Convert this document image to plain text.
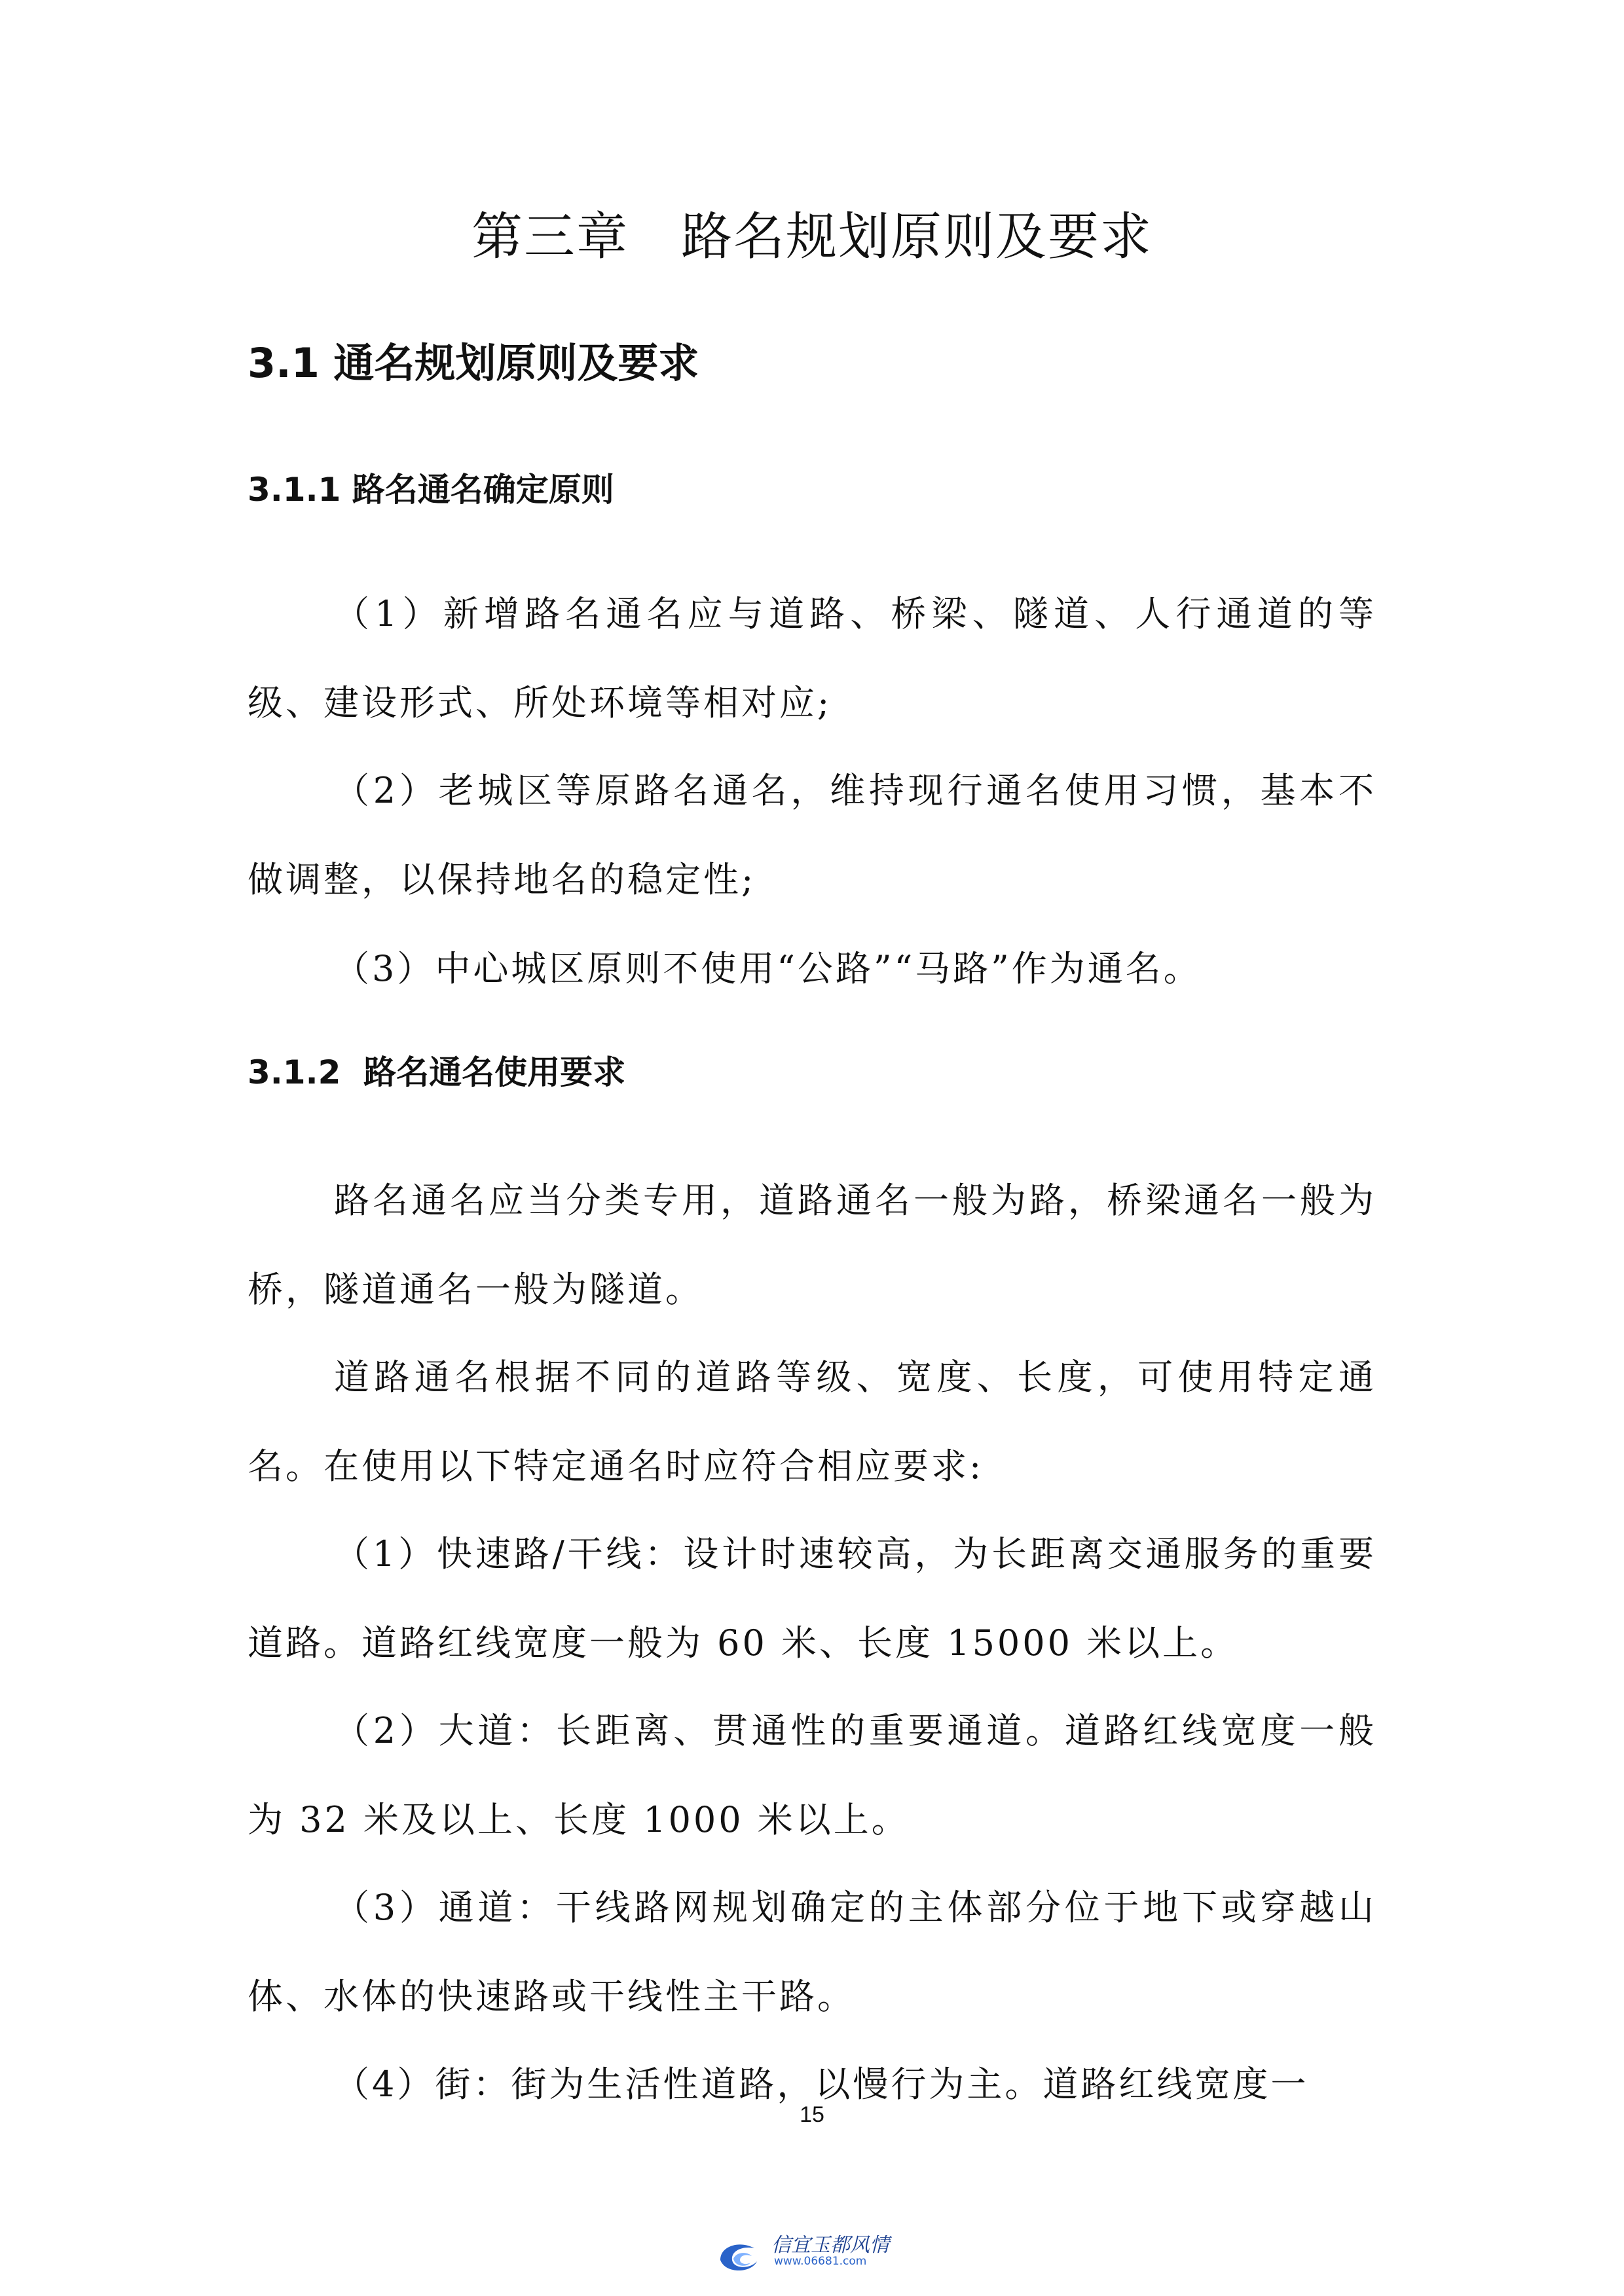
第三章　路名规划原则及要求
3.1 通名规划原则及要求
3.1.1 路名通名确定原则

（1）新增路名通名应与道路、桥梁、隧道、人行通道的等级、建设形式、所处环境等相对应;

（2）老城区等原路名通名，维持现行通名使用习惯，基本不做调整，以保持地名的稳定性;

（3）中心城区原则不使用“公路”“马路”作为通名。

3.1.2  路名通名使用要求

路名通名应当分类专用，道路通名一般为路，桥梁通名一般为桥，隧道通名一般为隧道。

道路通名根据不同的道路等级、宽度、长度，可使用特定通名。在使用以下特定通名时应符合相应要求:

（1）快速路/干线：设计时速较高，为长距离交通服务的重要道路。道路红线宽度一般为 60 米、长度 15000 米以上。

（2）大道：长距离、贯通性的重要通道。道路红线宽度一般为 32 米及以上、长度 1000 米以上。

（3）通道：干线路网规划确定的主体部分位于地下或穿越山体、水体的快速路或干线性主干路。

（4）街：街为生活性道路，以慢行为主。道路红线宽度一

15
信宜玉都风情
www.06681.com
